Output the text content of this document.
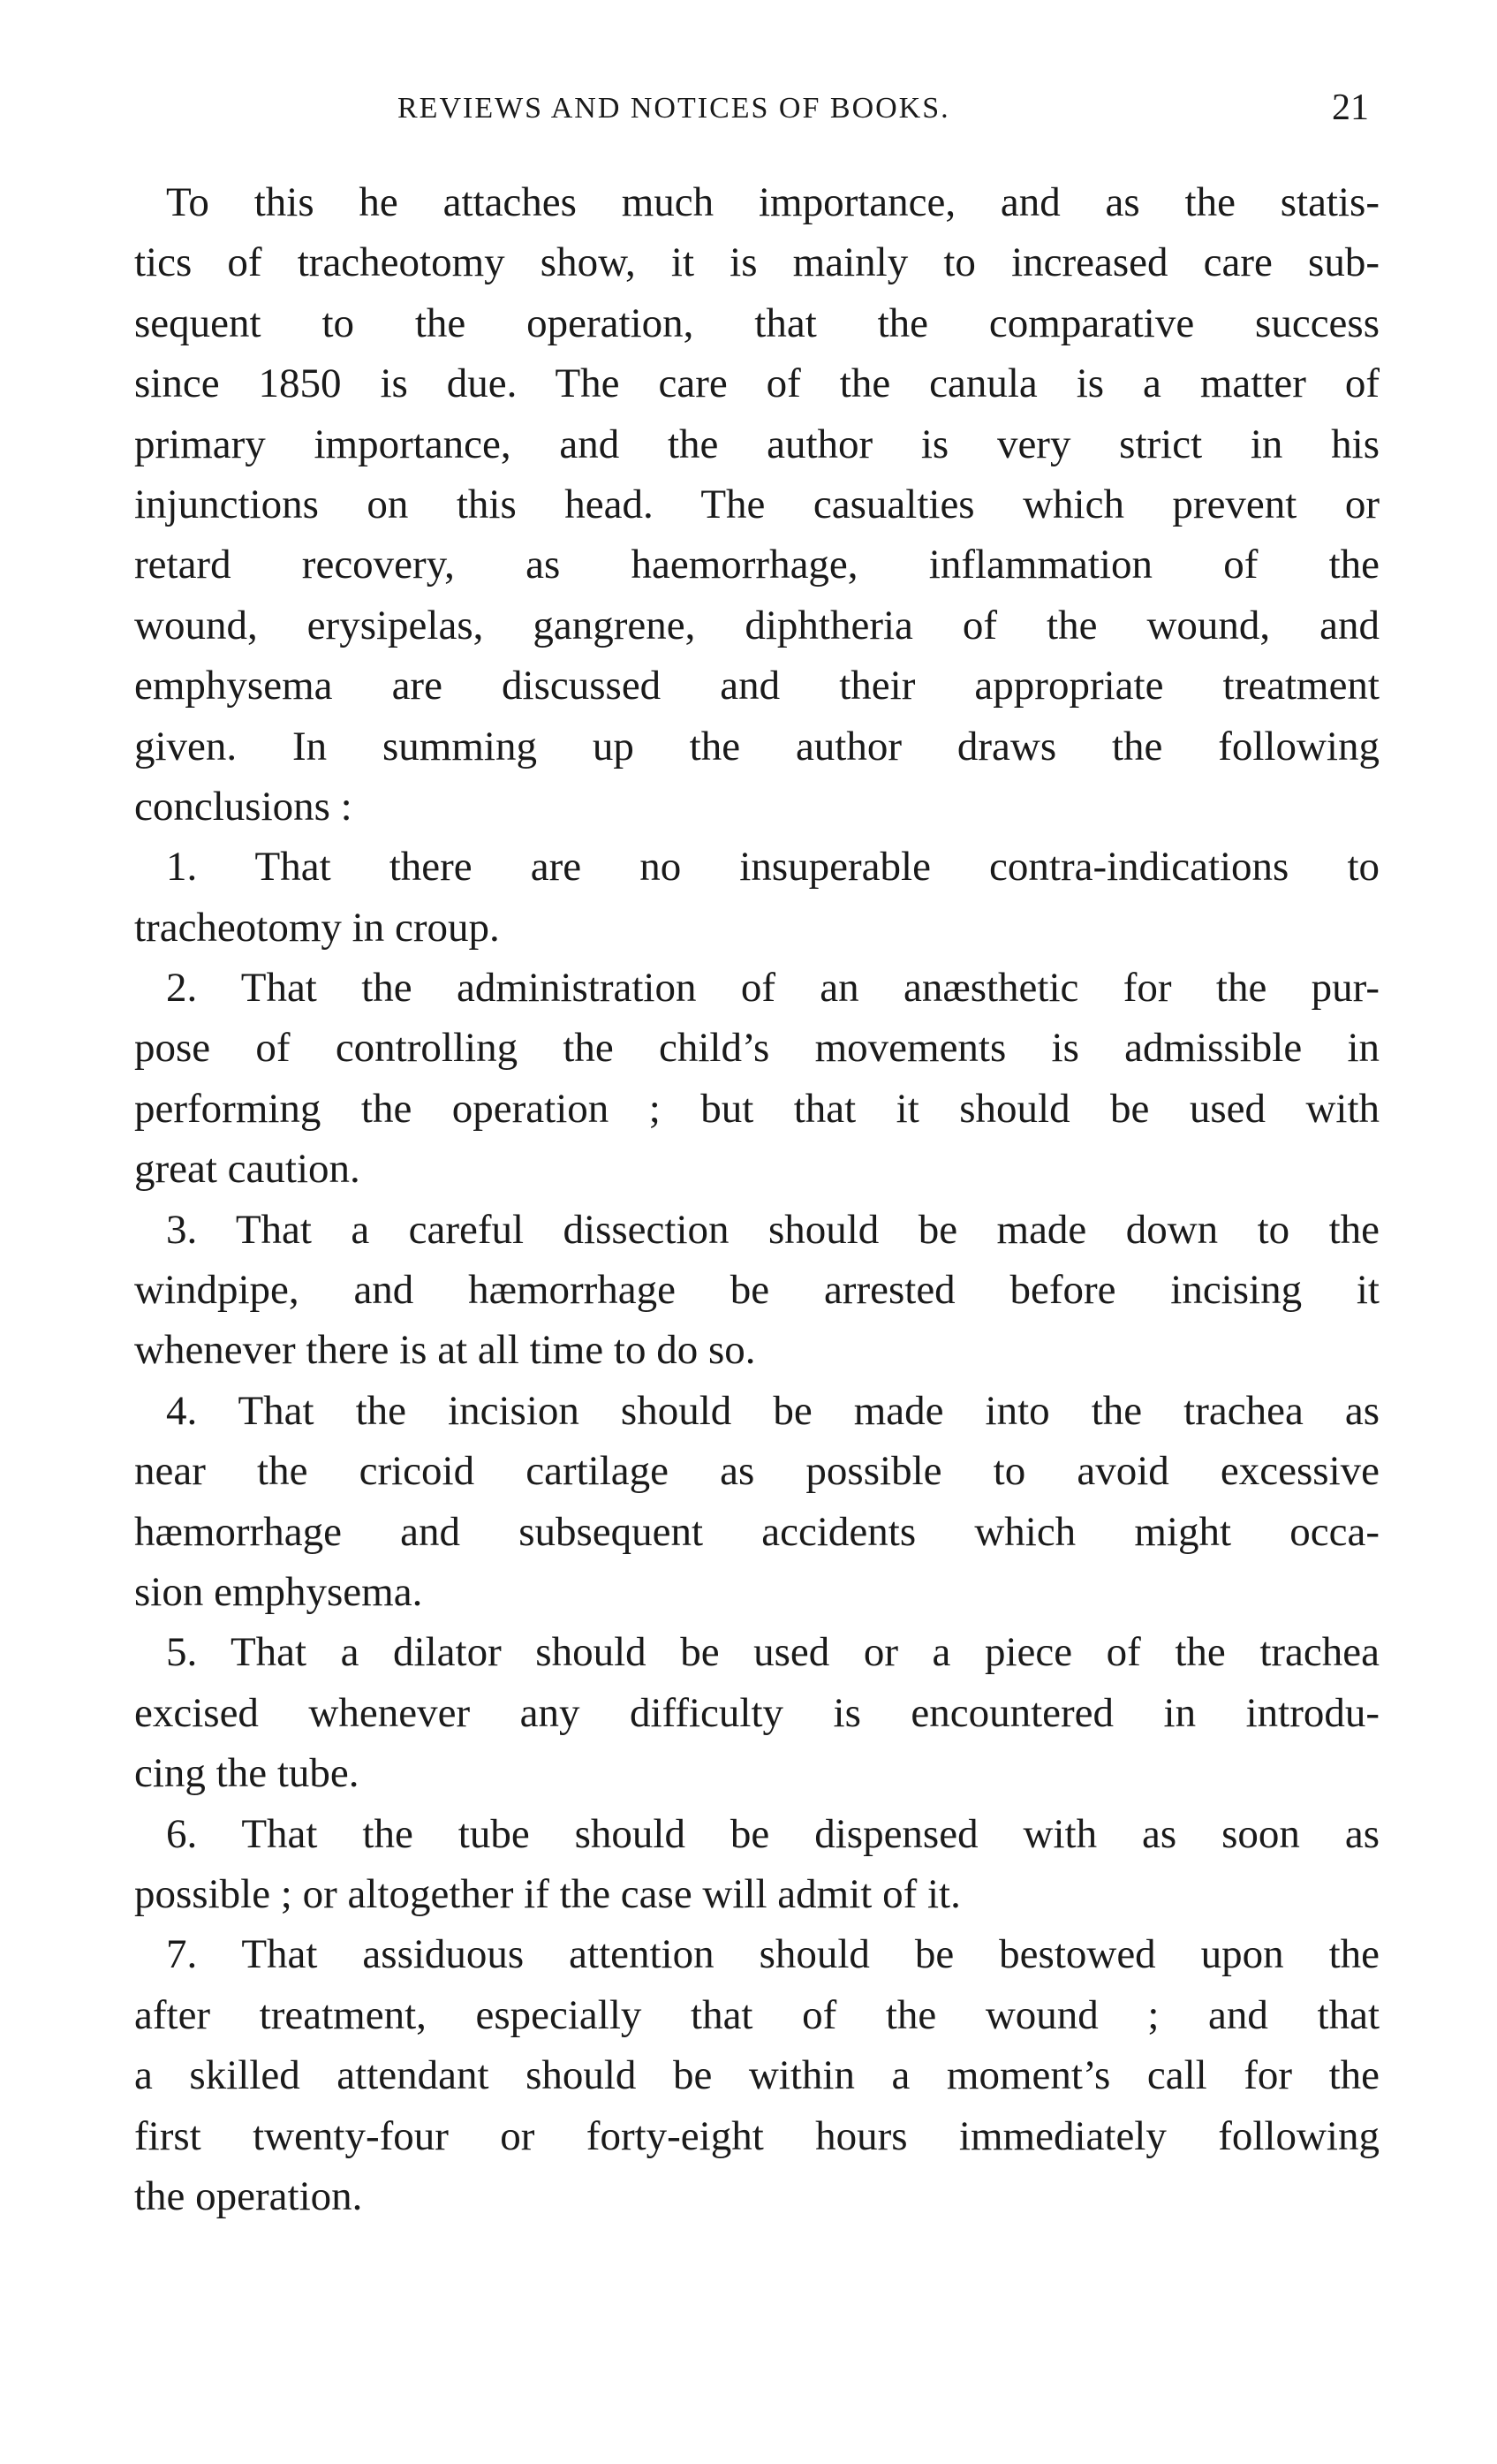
REVIEWS AND NOTICES OF BOOKS.	21
To this he attaches much importance, and as the statis-
tics of tracheotomy show, it is mainly to increased care sub-
sequent to the operation, that the comparative success
since 1850 is due. The care of the canula is a matter of
primary importance, and the author is very strict in his
injunctions on this head. The casualties which prevent or
retard recovery, as haemorrhage, inflammation of the
wound, erysipelas, gangrene, diphtheria of the wound, and
emphysema are discussed and their appropriate treatment
given. In summing up the author draws the following
conclusions :
1. That there are no insuperable contra-indications to
tracheotomy in croup.
2. That the administration of an anæsthetic for the pur-
pose of controlling the child’s movements is admissible in
performing the operation ; but that it should be used with
great caution.
3. That a careful dissection should be made down to the
windpipe, and hæmorrhage be arrested before incising it
whenever there is at all time to do so.
4. That the incision should be made into the trachea as
near the cricoid cartilage as possible to avoid excessive
hæmorrhage and subsequent accidents which might occa-
sion emphysema.
5. That a dilator should be used or a piece of the trachea
excised whenever any difficulty is encountered in introdu-
cing the tube.
6. That the tube should be dispensed with as soon as
possible ; or altogether if the case will admit of it.
7. That assiduous attention should be bestowed upon the
after treatment, especially that of the wound ; and that
a skilled attendant should be within a moment’s call for the
first twenty-four or forty-eight hours immediately following
the operation.
